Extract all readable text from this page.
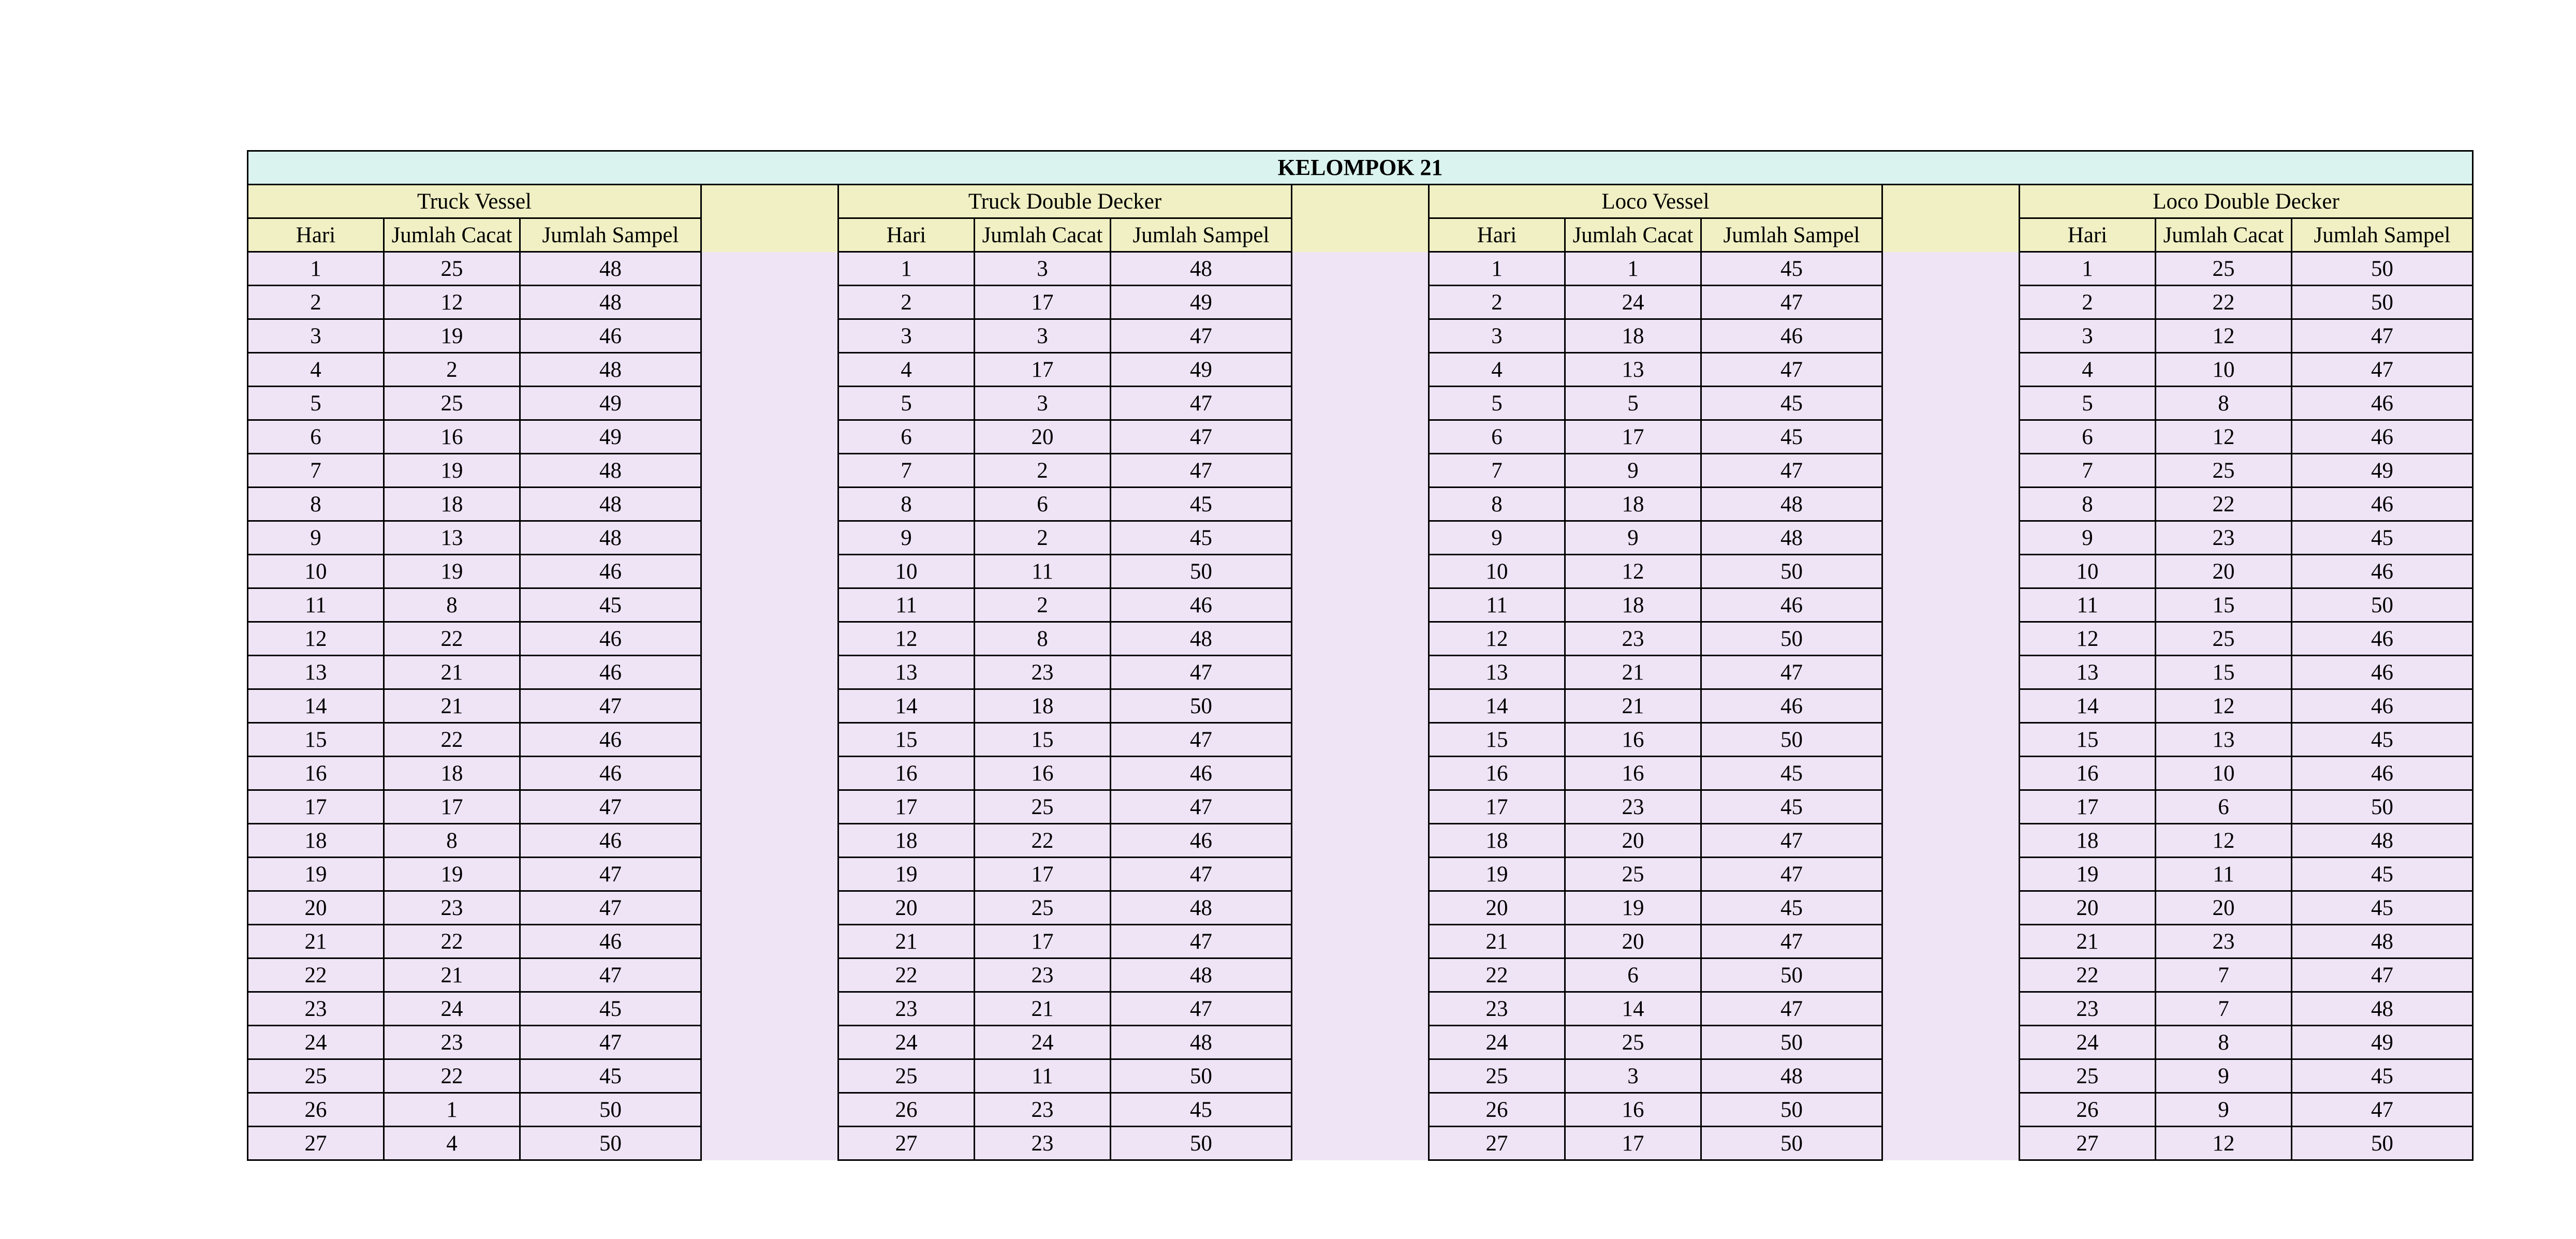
KELOMPOK 21														
Truck Vessel				Truck Double Decker				Loco Vessel				Loco Double Decker		
Hari	Jumlah Cacat	Jumlah Sampel		Hari	Jumlah Cacat	Jumlah Sampel		Hari	Jumlah Cacat	Jumlah Sampel		Hari	Jumlah Cacat	Jumlah Sampel
1	25	48		1	3	48		1	1	45		1	25	50
2	12	48		2	17	49		2	24	47		2	22	50
3	19	46		3	3	47		3	18	46		3	12	47
4	2	48		4	17	49		4	13	47		4	10	47
5	25	49		5	3	47		5	5	45		5	8	46
6	16	49		6	20	47		6	17	45		6	12	46
7	19	48		7	2	47		7	9	47		7	25	49
8	18	48		8	6	45		8	18	48		8	22	46
9	13	48		9	2	45		9	9	48		9	23	45
10	19	46		10	11	50		10	12	50		10	20	46
11	8	45		11	2	46		11	18	46		11	15	50
12	22	46		12	8	48		12	23	50		12	25	46
13	21	46		13	23	47		13	21	47		13	15	46
14	21	47		14	18	50		14	21	46		14	12	46
15	22	46		15	15	47		15	16	50		15	13	45
16	18	46		16	16	46		16	16	45		16	10	46
17	17	47		17	25	47		17	23	45		17	6	50
18	8	46		18	22	46		18	20	47		18	12	48
19	19	47		19	17	47		19	25	47		19	11	45
20	23	47		20	25	48		20	19	45		20	20	45
21	22	46		21	17	47		21	20	47		21	23	48
22	21	47		22	23	48		22	6	50		22	7	47
23	24	45		23	21	47		23	14	47		23	7	48
24	23	47		24	24	48		24	25	50		24	8	49
25	22	45		25	11	50		25	3	48		25	9	45
26	1	50		26	23	45		26	16	50		26	9	47
27	4	50		27	23	50		27	17	50		27	12	50
